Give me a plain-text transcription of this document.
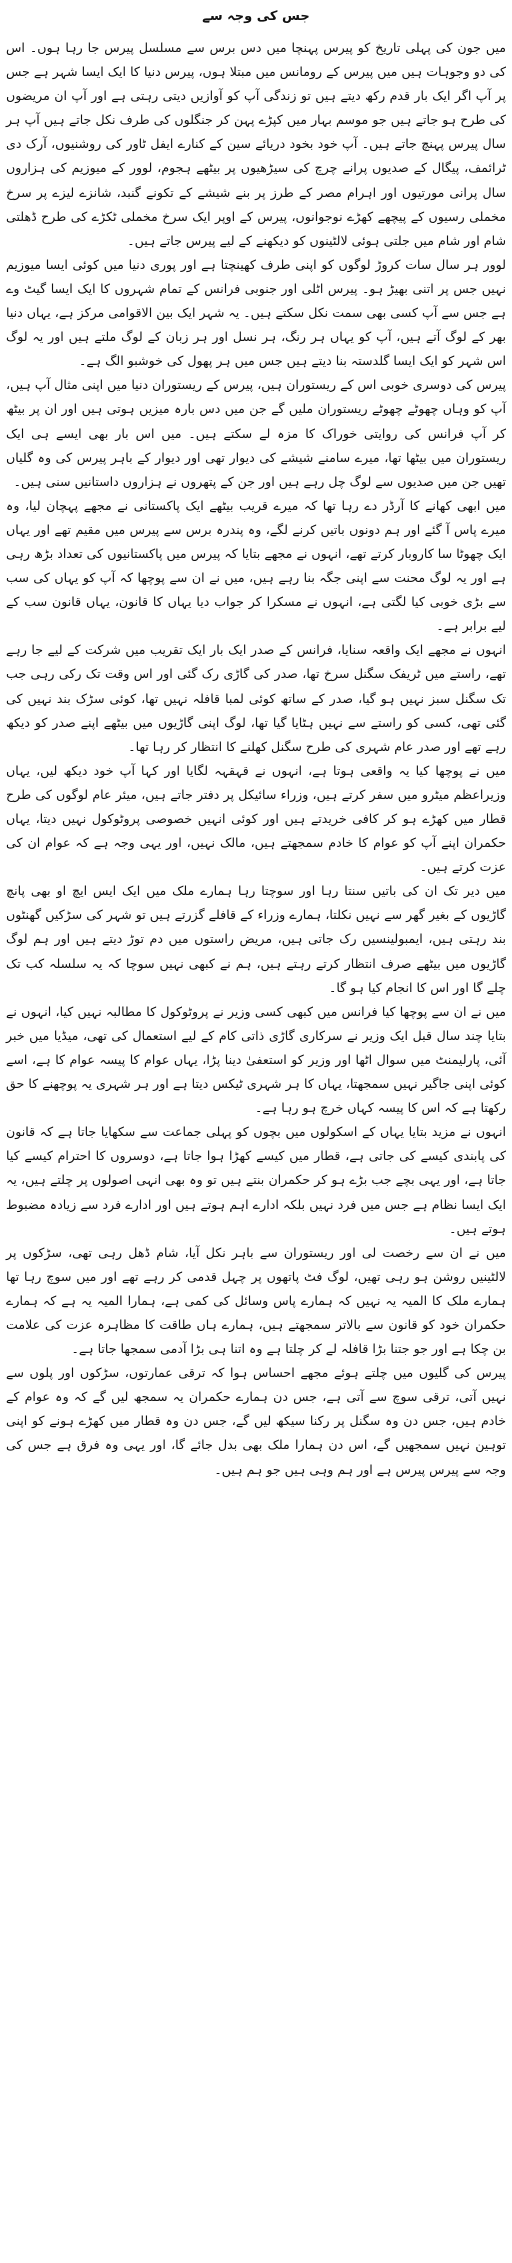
جس کی وجہ سے

میں جون کی پہلی تاریخ کو پیرس پہنچا میں دس برس سے مسلسل پیرس جا رہا ہوں۔ اس کی دو وجوہات ہیں میں پیرس کے رومانس میں مبتلا ہوں، پیرس دنیا کا ایک ایسا شہر ہے جس پر آپ اگر ایک بار قدم رکھ دیتے ہیں تو زندگی آپ کو آوازیں دیتی رہتی ہے اور آپ ان مریضوں کی طرح ہو جاتے ہیں جو موسم بہار میں کپڑے پہن کر جنگلوں کی طرف نکل جاتے ہیں آپ ہر سال پیرس پہنچ جاتے ہیں۔ آپ خود بخود دریائے سین کے کنارے ایفل ٹاور کی روشنیوں، آرک دی ٹرائمف، پیگال کے صدیوں پرانے چرچ کی سیڑھیوں پر بیٹھے ہجوم، لوور کے میوزیم کی ہزاروں سال پرانی مورتیوں اور اہرام مصر کے طرز پر بنے شیشے کے تکونے گنبد، شانزے لیزے پر سرخ مخملی رسیوں کے پیچھے کھڑے نوجوانوں، پیرس کے اوپر ایک سرخ مخملی ٹکڑے کی طرح ڈھلتی شام اور شام میں جلتی ہوئی لالٹینوں کو دیکھنے کے لیے پیرس جاتے ہیں۔

لوور ہر سال سات کروڑ لوگوں کو اپنی طرف کھینچتا ہے اور پوری دنیا میں کوئی ایسا میوزیم نہیں جس پر اتنی بھیڑ ہو۔ پیرس اٹلی اور جنوبی فرانس کے تمام شہروں کا ایک ایسا گیٹ وے ہے جس سے آپ کسی بھی سمت نکل سکتے ہیں۔ یہ شہر ایک بین الاقوامی مرکز ہے، یہاں دنیا بھر کے لوگ آتے ہیں، آپ کو یہاں ہر رنگ، ہر نسل اور ہر زبان کے لوگ ملتے ہیں اور یہ لوگ اس شہر کو ایک ایسا گلدستہ بنا دیتے ہیں جس میں ہر پھول کی خوشبو الگ ہے۔

پیرس کی دوسری خوبی اس کے ریستوران ہیں، پیرس کے ریستوران دنیا میں اپنی مثال آپ ہیں، آپ کو وہاں چھوٹے چھوٹے ریستوران ملیں گے جن میں دس بارہ میزیں ہوتی ہیں اور ان پر بیٹھ کر آپ فرانس کی روایتی خوراک کا مزہ لے سکتے ہیں۔ میں اس بار بھی ایسے ہی ایک ریستوران میں بیٹھا تھا، میرے سامنے شیشے کی دیوار تھی اور دیوار کے باہر پیرس کی وہ گلیاں تھیں جن میں صدیوں سے لوگ چل رہے ہیں اور جن کے پتھروں نے ہزاروں داستانیں سنی ہیں۔

میں ابھی کھانے کا آرڈر دے رہا تھا کہ میرے قریب بیٹھے ایک پاکستانی نے مجھے پہچان لیا، وہ میرے پاس آ گئے اور ہم دونوں باتیں کرنے لگے، وہ پندرہ برس سے پیرس میں مقیم تھے اور یہاں ایک چھوٹا سا کاروبار کرتے تھے، انہوں نے مجھے بتایا کہ پیرس میں پاکستانیوں کی تعداد بڑھ رہی ہے اور یہ لوگ محنت سے اپنی جگہ بنا رہے ہیں، میں نے ان سے پوچھا کہ آپ کو یہاں کی سب سے بڑی خوبی کیا لگتی ہے، انہوں نے مسکرا کر جواب دیا یہاں کا قانون، یہاں قانون سب کے لیے برابر ہے۔

انہوں نے مجھے ایک واقعہ سنایا، فرانس کے صدر ایک بار ایک تقریب میں شرکت کے لیے جا رہے تھے، راستے میں ٹریفک سگنل سرخ تھا، صدر کی گاڑی رک گئی اور اس وقت تک رکی رہی جب تک سگنل سبز نہیں ہو گیا، صدر کے ساتھ کوئی لمبا قافلہ نہیں تھا، کوئی سڑک بند نہیں کی گئی تھی، کسی کو راستے سے نہیں ہٹایا گیا تھا، لوگ اپنی گاڑیوں میں بیٹھے اپنے صدر کو دیکھ رہے تھے اور صدر عام شہری کی طرح سگنل کھلنے کا انتظار کر رہا تھا۔

میں نے پوچھا کیا یہ واقعی ہوتا ہے، انہوں نے قہقہہ لگایا اور کہا آپ خود دیکھ لیں، یہاں وزیراعظم میٹرو میں سفر کرتے ہیں، وزراء سائیکل پر دفتر جاتے ہیں، میئر عام لوگوں کی طرح قطار میں کھڑے ہو کر کافی خریدتے ہیں اور کوئی انہیں خصوصی پروٹوکول نہیں دیتا، یہاں حکمران اپنے آپ کو عوام کا خادم سمجھتے ہیں، مالک نہیں، اور یہی وجہ ہے کہ عوام ان کی عزت کرتے ہیں۔

میں دیر تک ان کی باتیں سنتا رہا اور سوچتا رہا ہمارے ملک میں ایک ایس ایچ او بھی پانچ گاڑیوں کے بغیر گھر سے نہیں نکلتا، ہمارے وزراء کے قافلے گزرتے ہیں تو شہر کی سڑکیں گھنٹوں بند رہتی ہیں، ایمبولینسیں رک جاتی ہیں، مریض راستوں میں دم توڑ دیتے ہیں اور ہم لوگ گاڑیوں میں بیٹھے صرف انتظار کرتے رہتے ہیں، ہم نے کبھی نہیں سوچا کہ یہ سلسلہ کب تک چلے گا اور اس کا انجام کیا ہو گا۔

میں نے ان سے پوچھا کیا فرانس میں کبھی کسی وزیر نے پروٹوکول کا مطالبہ نہیں کیا، انہوں نے بتایا چند سال قبل ایک وزیر نے سرکاری گاڑی ذاتی کام کے لیے استعمال کی تھی، میڈیا میں خبر آئی، پارلیمنٹ میں سوال اٹھا اور وزیر کو استعفیٰ دینا پڑا، یہاں عوام کا پیسہ عوام کا ہے، اسے کوئی اپنی جاگیر نہیں سمجھتا، یہاں کا ہر شہری ٹیکس دیتا ہے اور ہر شہری یہ پوچھنے کا حق رکھتا ہے کہ اس کا پیسہ کہاں خرچ ہو رہا ہے۔

انہوں نے مزید بتایا یہاں کے اسکولوں میں بچوں کو پہلی جماعت سے سکھایا جاتا ہے کہ قانون کی پابندی کیسے کی جاتی ہے، قطار میں کیسے کھڑا ہوا جاتا ہے، دوسروں کا احترام کیسے کیا جاتا ہے، اور یہی بچے جب بڑے ہو کر حکمران بنتے ہیں تو وہ بھی انہی اصولوں پر چلتے ہیں، یہ ایک ایسا نظام ہے جس میں فرد نہیں بلکہ ادارے اہم ہوتے ہیں اور ادارے فرد سے زیادہ مضبوط ہوتے ہیں۔

میں نے ان سے رخصت لی اور ریستوران سے باہر نکل آیا، شام ڈھل رہی تھی، سڑکوں پر لالٹینیں روشن ہو رہی تھیں، لوگ فٹ پاتھوں پر چہل قدمی کر رہے تھے اور میں سوچ رہا تھا ہمارے ملک کا المیہ یہ نہیں کہ ہمارے پاس وسائل کی کمی ہے، ہمارا المیہ یہ ہے کہ ہمارے حکمران خود کو قانون سے بالاتر سمجھتے ہیں، ہمارے ہاں طاقت کا مظاہرہ عزت کی علامت بن چکا ہے اور جو جتنا بڑا قافلہ لے کر چلتا ہے وہ اتنا ہی بڑا آدمی سمجھا جاتا ہے۔

پیرس کی گلیوں میں چلتے ہوئے مجھے احساس ہوا کہ ترقی عمارتوں، سڑکوں اور پلوں سے نہیں آتی، ترقی سوچ سے آتی ہے، جس دن ہمارے حکمران یہ سمجھ لیں گے کہ وہ عوام کے خادم ہیں، جس دن وہ سگنل پر رکنا سیکھ لیں گے، جس دن وہ قطار میں کھڑے ہونے کو اپنی توہین نہیں سمجھیں گے، اس دن ہمارا ملک بھی بدل جائے گا، اور یہی وہ فرق ہے جس کی وجہ سے پیرس پیرس ہے اور ہم وہی ہیں جو ہم ہیں۔
